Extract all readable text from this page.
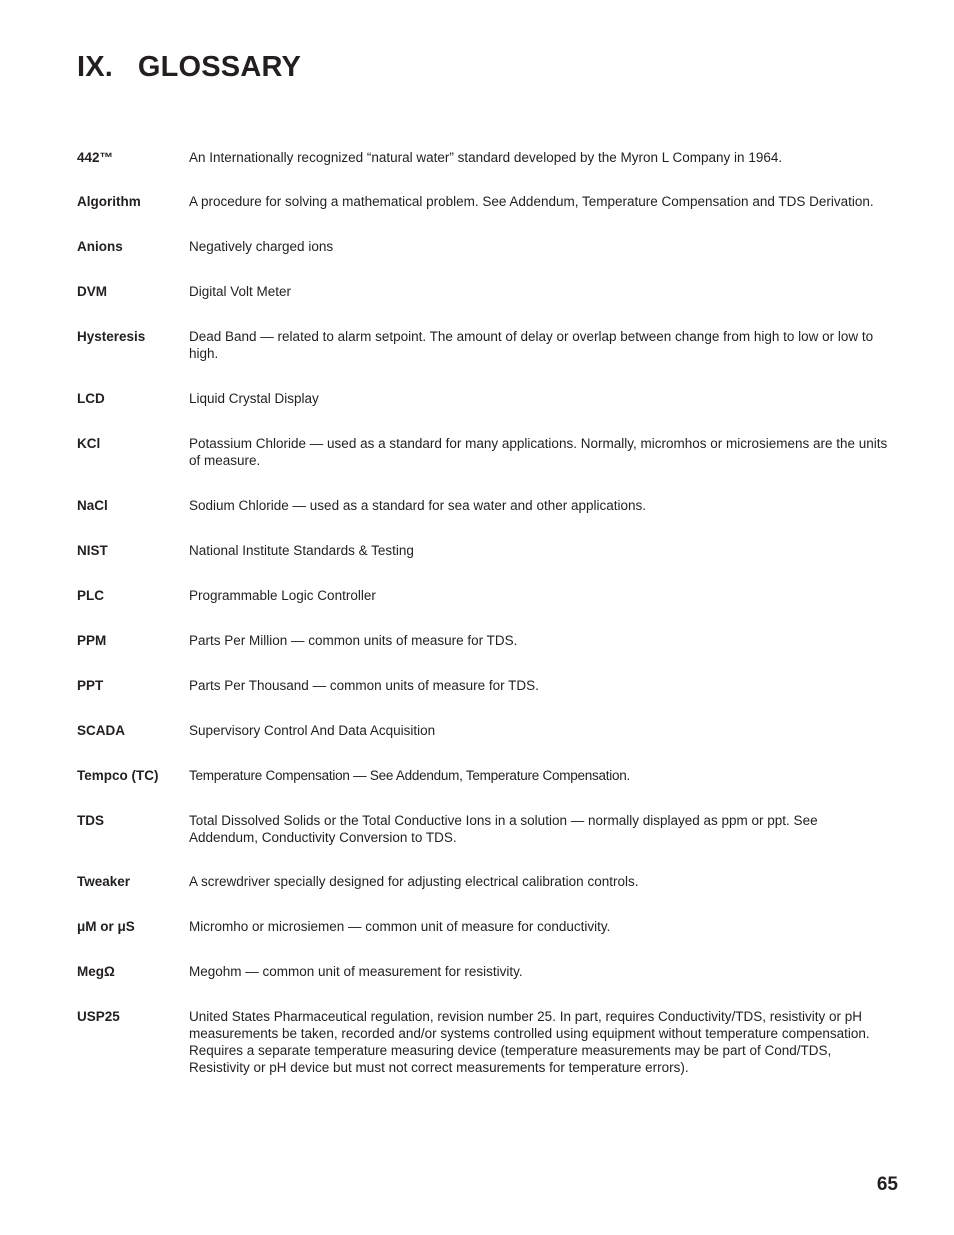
IX.   GLOSSARY
442™	An Internationally recognized “natural water” standard developed by the Myron L Company in 1964.
Algorithm	A procedure for solving a mathematical problem. See Addendum, Temperature Compensation and TDS Derivation.
Anions	Negatively charged ions
DVM	Digital Volt Meter
Hysteresis	Dead Band — related to alarm setpoint. The amount of delay or overlap between change from high to low or low to high.
LCD	Liquid Crystal Display
KCl	Potassium Chloride — used as a standard for many applications. Normally, micromhos or microsiemens are the units of measure.
NaCl	Sodium Chloride — used as a standard for sea water and other applications.
NIST	National Institute Standards & Testing
PLC	Programmable Logic Controller
PPM	Parts Per Million — common units of measure for TDS.
PPT	Parts Per Thousand — common units of measure for TDS.
SCADA	Supervisory Control And Data Acquisition
Tempco (TC)	Temperature Compensation — See Addendum, Temperature Compensation.
TDS	Total Dissolved Solids or the Total Conductive Ions in a solution — normally displayed as ppm or ppt. See Addendum, Conductivity Conversion to TDS.
Tweaker	A screwdriver specially designed for adjusting electrical calibration controls.
μM or μS	Micromho or microsiemen — common unit of measure for conductivity.
MegΩ	Megohm — common unit of measurement for resistivity.
USP25	United States Pharmaceutical regulation, revision number 25. In part, requires Conductivity/TDS, resistivity or pH measurements be taken, recorded and/or systems controlled using equipment without temperature compensation. Requires a separate temperature measuring device (temperature measurements may be part of Cond/TDS, Resistivity or pH device but must not correct measurements for temperature errors).
65
